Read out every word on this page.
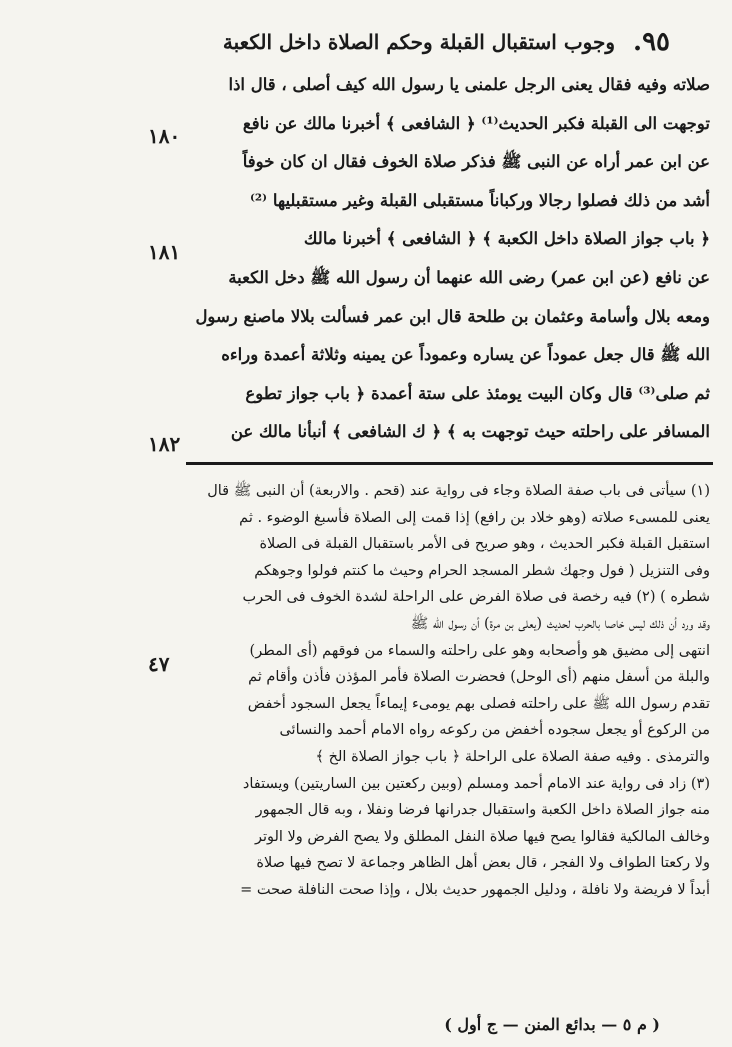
٩٥.
وجوب استقبال القبلة وحكم الصلاة داخل الكعبة
صلاته وفيه فقال يعنى الرجل علمنى يا رسول الله كيف أصلى ، قال اذا
توجهت الى القبلة فكبر الحديث⁽¹⁾ ﴿ الشافعى ﴾ أخبرنا مالك عن نافع
عن ابن عمر أراه عن النبى ﷺ فذكر صلاة الخوف فقال ان كان خوفاً
أشد من ذلك فصلوا رجالا وركباناً مستقبلى القبلة وغير مستقبليها ⁽²⁾
﴿ باب جواز الصلاة داخل الكعبة ﴾ ﴿ الشافعى ﴾ أخبرنا مالك
عن نافع (عن ابن عمر) رضى الله عنهما أن رسول الله ﷺ دخل الكعبة
ومعه بلال وأسامة وعثمان بن طلحة قال ابن عمر فسألت بلالا ماصنع رسول
الله ﷺ قال جعل عموداً عن يساره وعموداً عن يمينه وثلاثة أعمدة وراءه
ثم صلى⁽³⁾ قال وكان البيت يومئذ على ستة أعمدة ﴿ باب جواز تطوع
المسافر على راحلته حيث توجهت به ﴾ ﴿ ك الشافعى ﴾ أنبأنا مالك عن
١٨٠
١٨١
١٨٢
(١) سيأتى فى باب صفة الصلاة وجاء فى رواية عند (قحم . والاربعة) أن النبى ﷺ قال
يعنى للمسىء صلاته (وهو خلاد بن رافع) إذا قمت إلى الصلاة فأسبغ الوضوء . ثم
استقبل القبلة فكبر الحديث ، وهو صريح فى الأمر باستقبال القبلة فى الصلاة
وفى التنزيل ( فول وجهك شطر المسجد الحرام وحيث ما كنتم فولوا وجوهكم
شطره ) (٢) فيه رخصة فى صلاة الفرض على الراحلة لشدة الخوف فى الحرب
وقد ورد أن ذلك ليس خاصا بالحرب لحديث (يعلى بن مرة) أن رسول الله ﷺ
انتهى إلى مضيق هو وأصحابه وهو على راحلته والسماء من فوقهم (أى المطر)
والبلة من أسفل منهم (أى الوحل) فحضرت الصلاة فأمر المؤذن فأذن وأقام ثم
تقدم رسول الله ﷺ على راحلته فصلى بهم يومىء إيماءاً يجعل السجود أخفض
من الركوع أو يجعل سجوده أخفض من ركوعه رواه الامام أحمد والنسائى
والترمذى . وفيه صفة الصلاة على الراحلة ﴿ باب جواز الصلاة الخ ﴾
(٣) زاد فى رواية عند الامام أحمد ومسلم (وبين ركعتين بين الساريتين) ويستفاد
منه جواز الصلاة داخل الكعبة واستقبال جدرانها فرضا ونفلا ، وبه قال الجمهور
وخالف المالكية فقالوا يصح فيها صلاة النفل المطلق ولا يصح الفرض ولا الوتر
ولا ركعتا الطواف ولا الفجر ، قال بعض أهل الظاهر وجماعة لا تصح فيها صلاة
أبداً لا فريضة ولا نافلة ، ودليل الجمهور حديث بلال ، وإذا صحت النافلة صحت =
٤٧
( م ٥ — بدائع المنن — ج أول )
